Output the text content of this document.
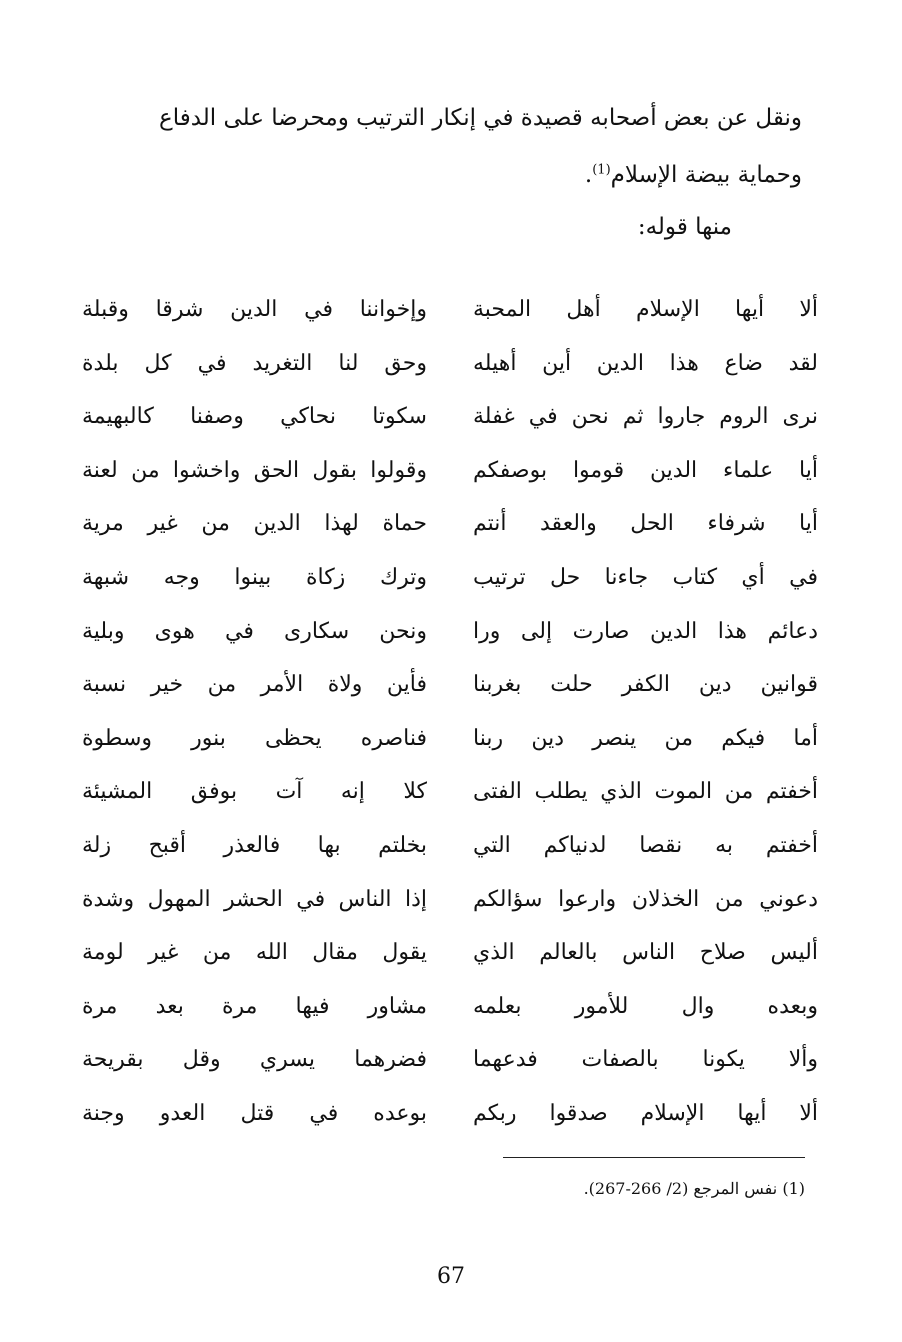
ونقل عن بعض أصحابه قصيدة في إنكار الترتيب ومحرضا على الدفاع
وحماية بيضة الإسلام$^{(1)}$.

منها قوله:

ألا أيها الإسلام أهل المحبة
لقد ضاع هذا الدين أين أهيله
نرى الروم جاروا ثم نحن في غفلة
أيا علماء الدين قوموا بوصفكم
أيا شرفاء الحل والعقد أنتم
في أي كتاب جاءنا حل ترتيب
دعائم هذا الدين صارت إلى ورا
قوانين دين الكفر حلت بغربنا
أما فيكم من ينصر دين ربنا
أخفتم من الموت الذي يطلب الفتى
أخفتم به نقصا لدنياكم التي
دعوني من الخذلان وارعوا سؤالكم
أليس صلاح الناس بالعالم الذي
وبعده وال للأمور بعلمه
وألا يكونا بالصفات فدعهما
ألا أيها الإسلام صدقوا ربكم
وإخواننا في الدين شرقا وقبلة
وحق لنا التغريد في كل بلدة
سكوتا نحاكي وصفنا كالبهيمة
وقولوا بقول الحق واخشوا من لعنة
حماة لهذا الدين من غير مرية
وترك زكاة بينوا وجه شبهة
ونحن سكارى في هوى وبلية
فأين ولاة الأمر من خير نسبة
فناصره يحظى بنور وسطوة
كلا إنه آت بوفق المشيئة
بخلتم بها فالعذر أقبح زلة
إذا الناس في الحشر المهول وشدة
يقول مقال الله من غير لومة
مشاور فيها مرة بعد مرة
فضرهما يسري وقل بقريحة
بوعده في قتل العدو وجنة

(1) نفس المرجع (2/ 266-267).

67
